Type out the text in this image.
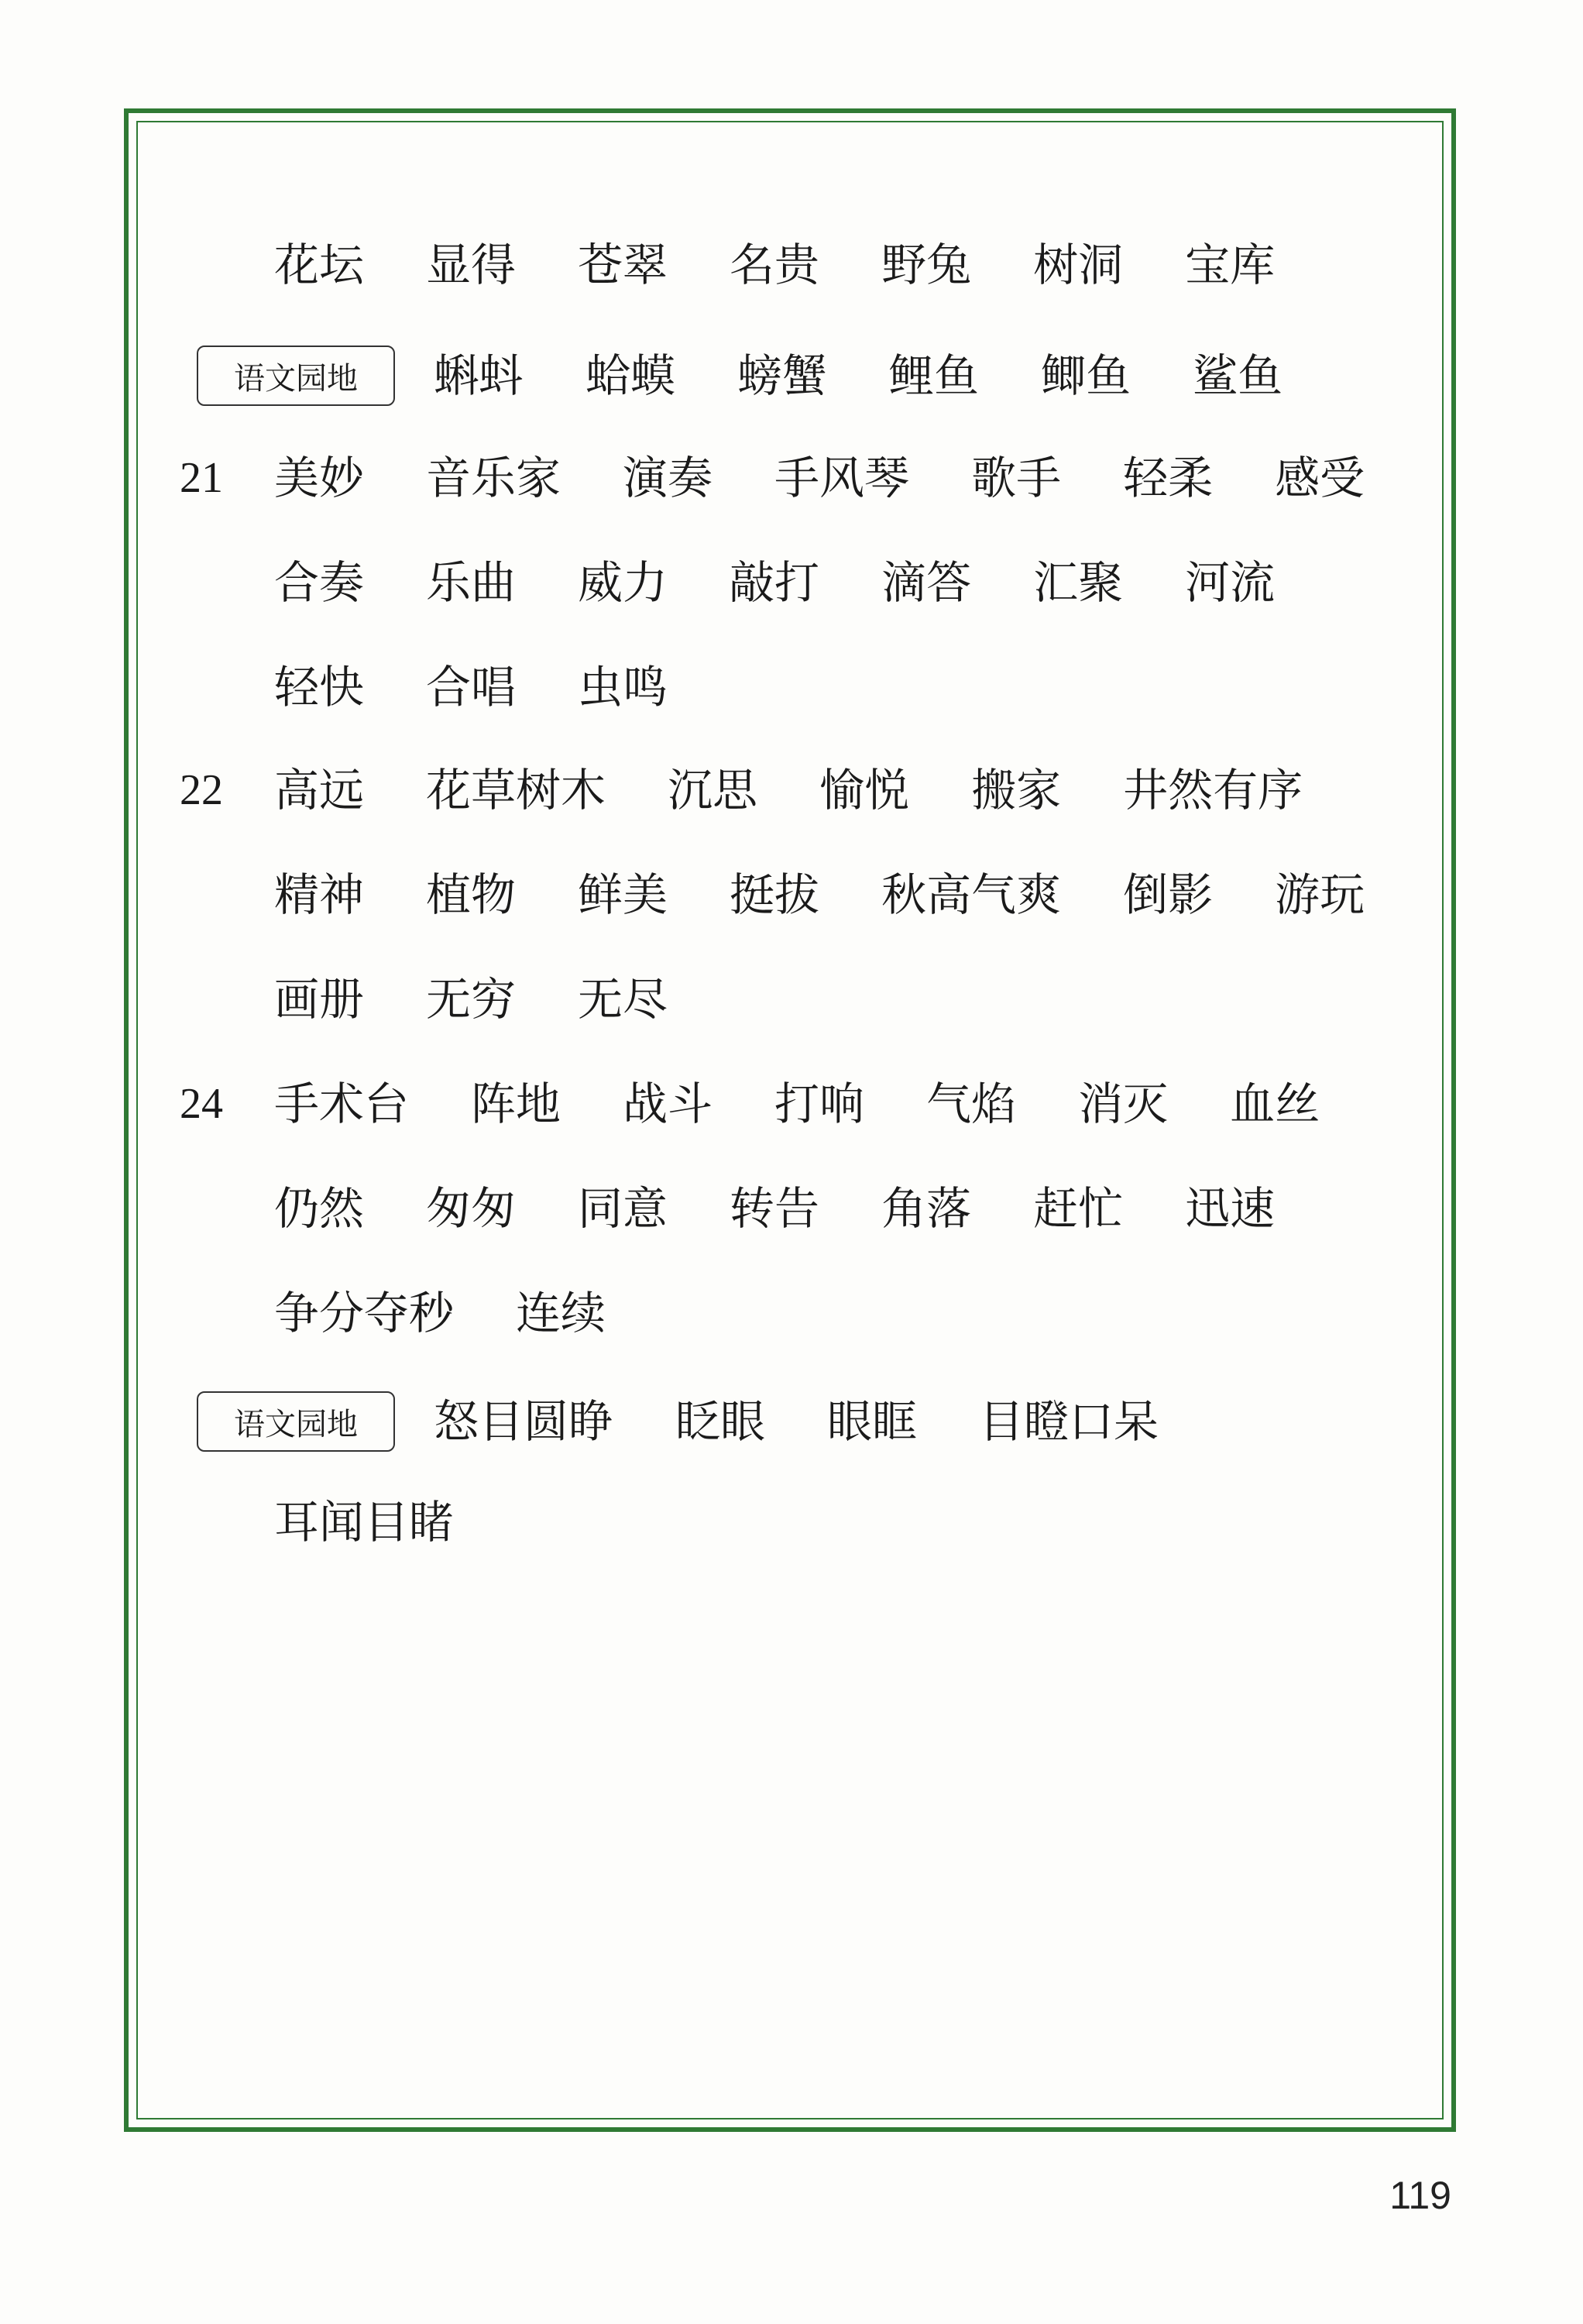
花坛 显得 苍翠 名贵 野兔 树洞 宝库
语文园地	蝌蚪 蛤蟆 螃蟹 鲤鱼 鲫鱼 鲨鱼
21 美妙 音乐家 演奏 手风琴 歌手 轻柔 感受
合奏 乐曲 威力 敲打 滴答 汇聚 河流
轻快 合唱 虫鸣
22 高远 花草树木 沉思 愉悦 搬家 井然有序
精神 植物 鲜美 挺拔 秋高气爽 倒影 游玩
画册 无穷 无尽
24 手术台 阵地 战斗 打响 气焰 消灭 血丝
仍然 匆匆 同意 转告 角落 赶忙 迅速
争分夺秒 连续
语文园地	怒目圆睁 眨眼 眼眶 目瞪口呆
耳闻目睹
119
